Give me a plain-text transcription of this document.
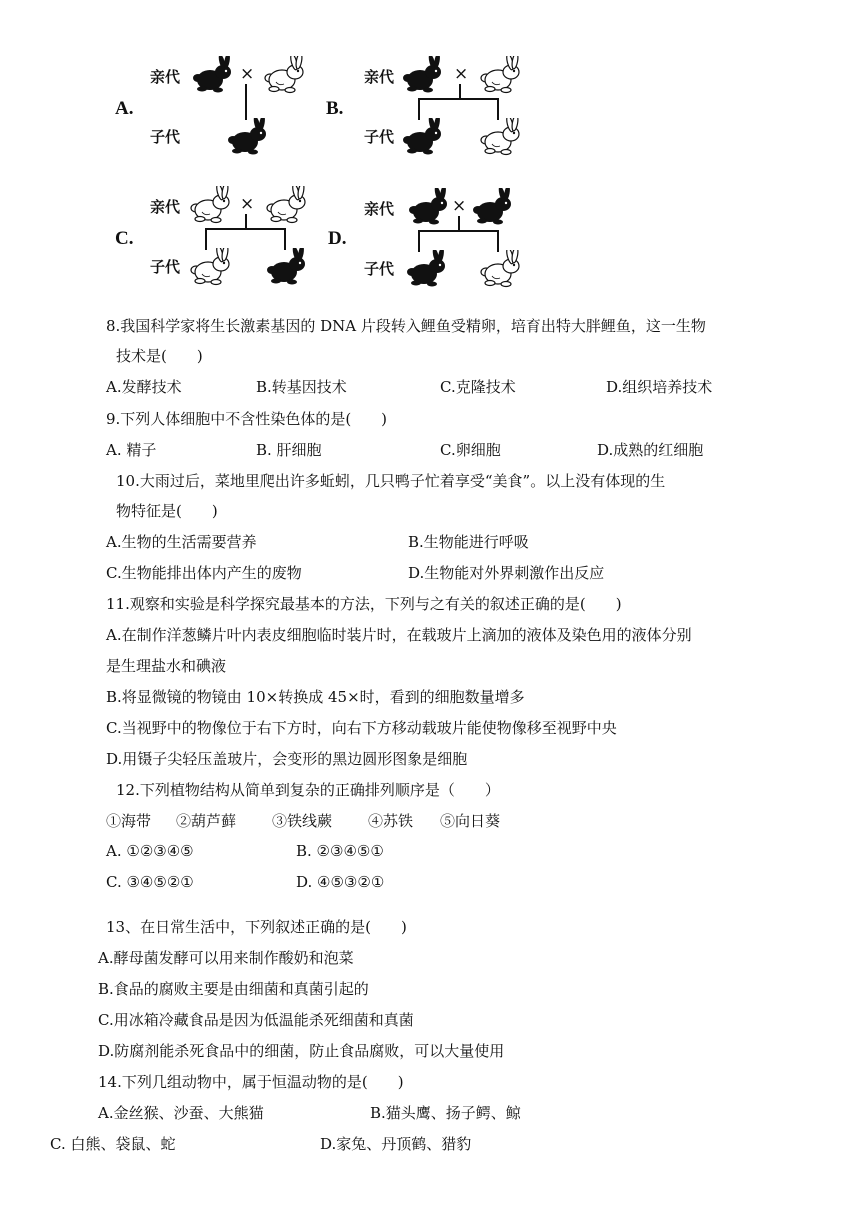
A.
亲代
子代
×
B.
亲代
子代
×
C.
亲代
子代
×
D.
亲代
子代
×
8.我国科学家将生长激素基因的 DNA 片段转入鲤鱼受精卵，培育出特大胖鲤鱼，这一生物
技术是(　　)
A.发酵技术	B.转基因技术	C.克隆技术	D.组织培养技术
9.下列人体细胞中不含性染色体的是(　　)
A. 精子	B. 肝细胞	C.卵细胞	D.成熟的红细胞
10.大雨过后，菜地里爬出许多蚯蚓，几只鸭子忙着享受“美食”。以上没有体现的生
物特征是(　　)
A.生物的生活需要营养	B.生物能进行呼吸
C.生物能排出体内产生的废物	D.生物能对外界刺激作出反应
11.观察和实验是科学探究最基本的方法，下列与之有关的叙述正确的是(　　)
A.在制作洋葱鳞片叶内表皮细胞临时装片时，在载玻片上滴加的液体及染色用的液体分别
是生理盐水和碘液
B.将显微镜的物镜由 10×转换成 45×时，看到的细胞数量增多
C.当视野中的物像位于右下方时，向右下方移动载玻片能使物像移至视野中央
D.用镊子尖轻压盖玻片，会变形的黑边圆形图象是细胞
12.下列植物结构从简单到复杂的正确排列顺序是（　　）
①海带 ②葫芦藓 ③铁线蕨 ④苏铁 ⑤向日葵
A. ①②③④⑤	B. ②③④⑤①
C. ③④⑤②①	D. ④⑤③②①
13、在日常生活中，下列叙述正确的是(　　)
A.酵母菌发酵可以用来制作酸奶和泡菜
B.食品的腐败主要是由细菌和真菌引起的
C.用冰箱冷藏食品是因为低温能杀死细菌和真菌
D.防腐剂能杀死食品中的细菌，防止食品腐败，可以大量使用
14.下列几组动物中，属于恒温动物的是(　　)
A.金丝猴、沙蚕、大熊猫	B.猫头鹰、扬子鳄、鲸
C. 白熊、袋鼠、蛇	D.家兔、丹顶鹤、猎豹
